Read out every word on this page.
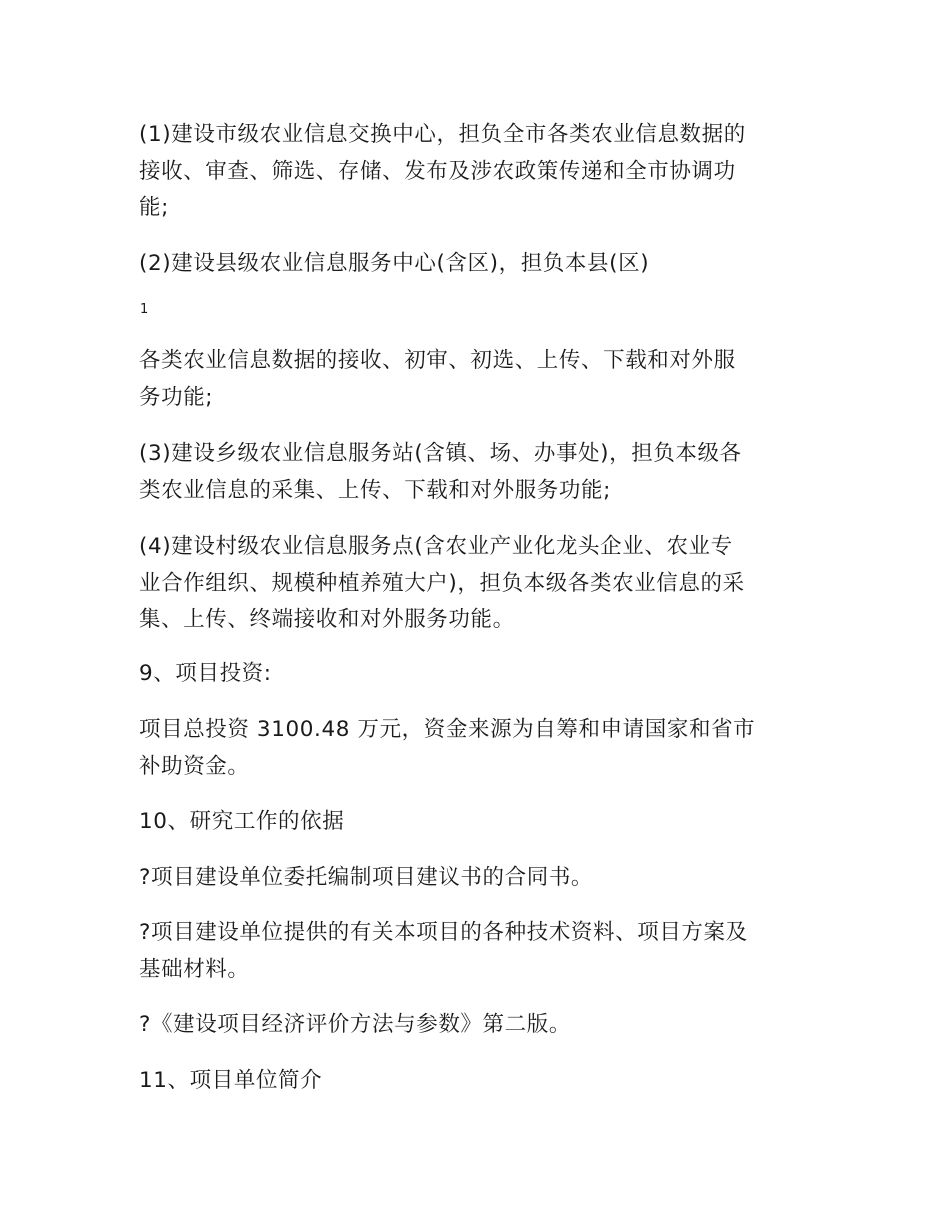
(1)建设市级农业信息交换中心，担负全市各类农业信息数据的
接收、审查、筛选、存储、发布及涉农政策传递和全市协调功
能;

(2)建设县级农业信息服务中心(含区)，担负本县(区)

1

各类农业信息数据的接收、初审、初选、上传、下载和对外服
务功能;

(3)建设乡级农业信息服务站(含镇、场、办事处)，担负本级各
类农业信息的采集、上传、下载和对外服务功能;

(4)建设村级农业信息服务点(含农业产业化龙头企业、农业专
业合作组织、规模种植养殖大户)，担负本级各类农业信息的采
集、上传、终端接收和对外服务功能。

9、项目投资:

项目总投资 3100.48 万元，资金来源为自筹和申请国家和省市
补助资金。

10、研究工作的依据

?项目建设单位委托编制项目建议书的合同书。

?项目建设单位提供的有关本项目的各种技术资料、项目方案及
基础材料。

?《建设项目经济评价方法与参数》第二版。

11、项目单位简介
